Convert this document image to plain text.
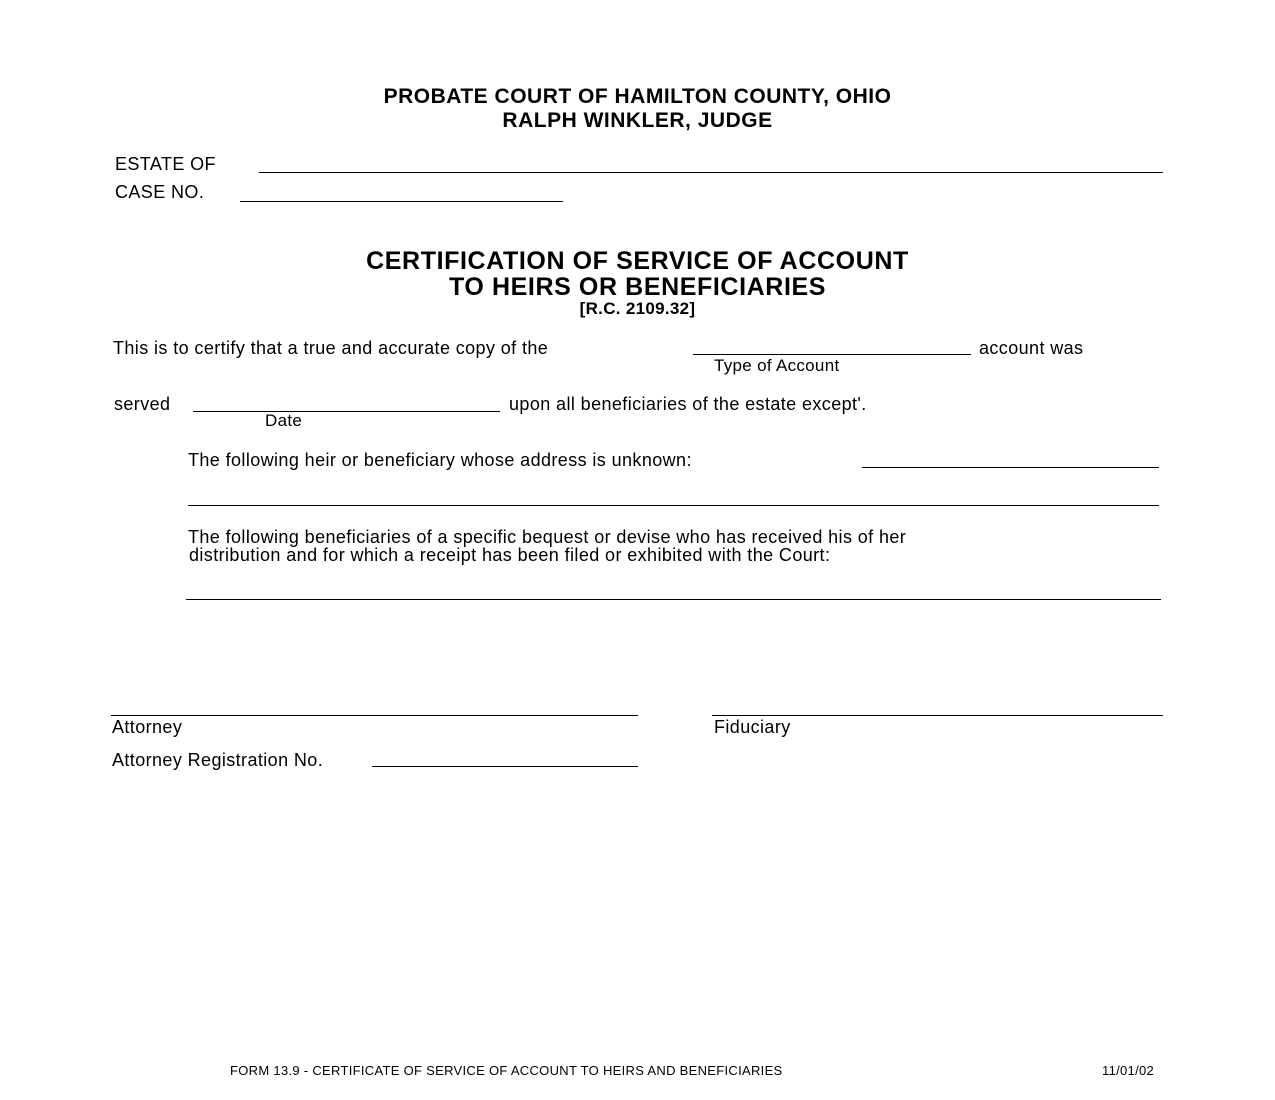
PROBATE COURT OF HAMILTON COUNTY, OHIO
RALPH WINKLER, JUDGE
ESTATE OF
CASE NO.
CERTIFICATION OF SERVICE OF ACCOUNT
TO HEIRS OR BENEFICIARIES
[R.C. 2109.32]
This is to certify that a true and accurate copy of the	account was
Type of Account
served	upon all beneficiaries of the estate except'.
Date
The following heir or beneficiary whose address is unknown:
The following beneficiaries of a specific bequest or devise who has received his of her
distribution and for which a receipt has been filed or exhibited with the Court:
Attorney	Fiduciary
Attorney Registration No.
FORM 13.9 - CERTIFICATE OF SERVICE OF ACCOUNT TO HEIRS AND BENEFICIARIES	11/01/02
